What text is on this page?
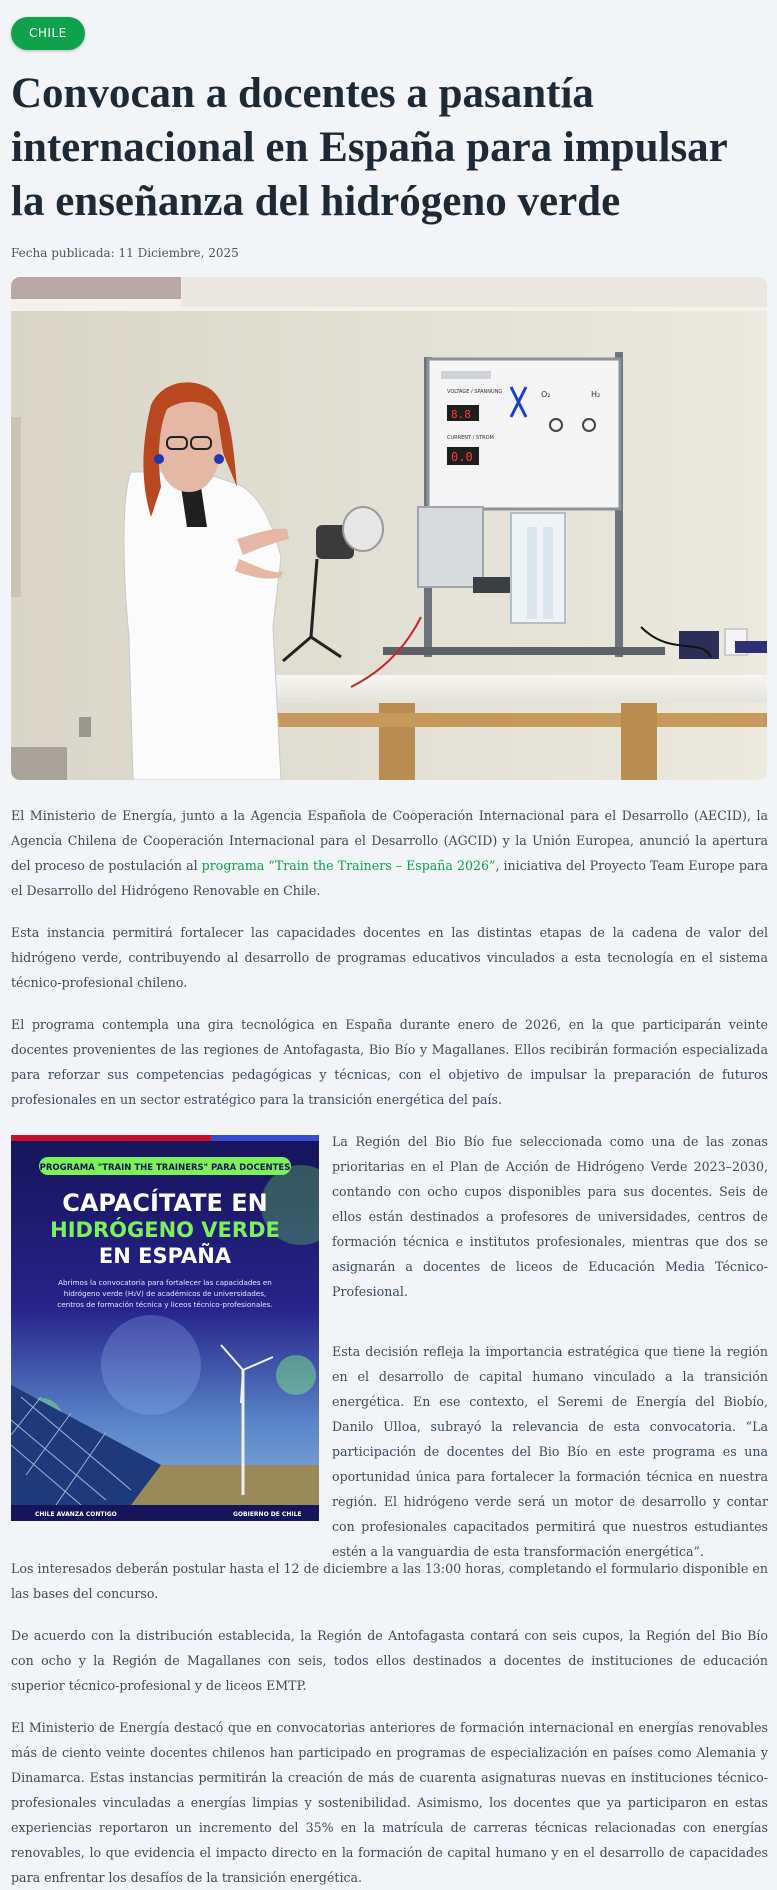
CHILE
Convocan a docentes a pasantía internacional en España para impulsar la enseñanza del hidrógeno verde
Fecha publicada: 11 Diciembre, 2025
8.8
0.0
VOLTAGE / SPANNUNG
CURRENT / STROM
O₂	H₂

El Ministerio de Energía, junto a la Agencia Española de Cooperación Internacional para el Desarrollo (AECID), la Agencia Chilena de Cooperación Internacional para el Desarrollo (AGCID) y la Unión Europea, anunció la apertura del proceso de postulación al programa “Train the Trainers – España 2026”, iniciativa del Proyecto Team Europe para el Desarrollo del Hidrógeno Renovable en Chile.

Esta instancia permitirá fortalecer las capacidades docentes en las distintas etapas de la cadena de valor del hidrógeno verde, contribuyendo al desarrollo de programas educativos vinculados a esta tecnología en el sistema técnico-profesional chileno.

El programa contempla una gira tecnológica en España durante enero de 2026, en la que participarán veinte docentes provenientes de las regiones de Antofagasta, Bio Bío y Magallanes. Ellos recibirán formación especializada para reforzar sus competencias pedagógicas y técnicas, con el objetivo de impulsar la preparación de futuros profesionales en un sector estratégico para la transición energética del país.

PROGRAMA "TRAIN THE TRAINERS" PARA DOCENTES
CAPACÍTATE EN
HIDRÓGENO VERDE
EN ESPAÑA
Abrimos la convocatoria para fortalecer las capacidades en
hidrógeno verde (H₂V) de académicos de universidades,
centros de formación técnica y liceos técnico-profesionales.
CHILE AVANZA CONTIGO	GOBIERNO DE CHILE

La Región del Bio Bío fue seleccionada como una de las zonas prioritarias en el Plan de Acción de Hidrógeno Verde 2023–2030, contando con ocho cupos disponibles para sus docentes. Seis de ellos están destinados a profesores de universidades, centros de formación técnica e institutos profesionales, mientras que dos se asignarán a docentes de liceos de Educación Media Técnico-Profesional.

Esta decisión refleja la importancia estratégica que tiene la región en el desarrollo de capital humano vinculado a la transición energética. En ese contexto, el Seremi de Energía del Biobío, Danilo Ulloa, subrayó la relevancia de esta convocatoria. “La participación de docentes del Bio Bío en este programa es una oportunidad única para fortalecer la formación técnica en nuestra región. El hidrógeno verde será un motor de desarrollo y contar con profesionales capacitados permitirá que nuestros estudiantes estén a la vanguardia de esta transformación energética”.

Los interesados deberán postular hasta el 12 de diciembre a las 13:00 horas, completando el formulario disponible en las bases del concurso.

De acuerdo con la distribución establecida, la Región de Antofagasta contará con seis cupos, la Región del Bio Bío con ocho y la Región de Magallanes con seis, todos ellos destinados a docentes de instituciones de educación superior técnico-profesional y de liceos EMTP.

El Ministerio de Energía destacó que en convocatorias anteriores de formación internacional en energías renovables más de ciento veinte docentes chilenos han participado en programas de especialización en países como Alemania y Dinamarca. Estas instancias permitirán la creación de más de cuarenta asignaturas nuevas en instituciones técnico-profesionales vinculadas a energías limpias y sostenibilidad. Asimismo, los docentes que ya participaron en estas experiencias reportaron un incremento del 35% en la matrícula de carreras técnicas relacionadas con energías renovables, lo que evidencia el impacto directo en la formación de capital humano y en el desarrollo de capacidades para enfrentar los desafíos de la transición energética.
